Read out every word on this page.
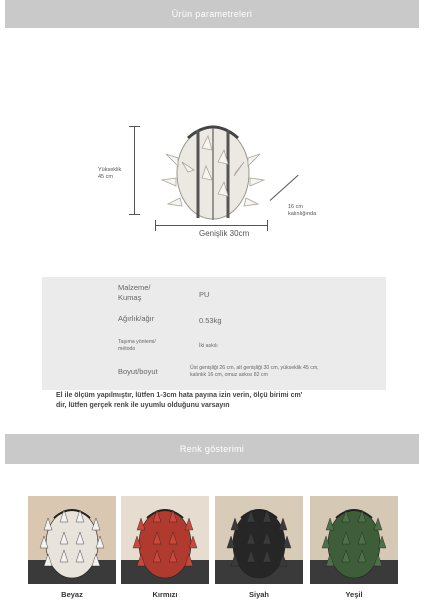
Ürün parametreleri
Yükseklik
45 cm
Genişlik 30cm
16 cm
kalınlığında
Malzeme/
Kumaş	PU
Ağırlık/ağır	0.53kg
Taşıma yöntemi/
método	İki askılı
Boyut/boyut	Üst genişliği 26 cm, alt genişliği 30 cm, yükseklik 45 cm,
kalınlık 16 cm, omuz askısı 82 cm
El ile ölçüm yapılmıştır, lütfen 1-3cm hata payına izin verin, ölçü birimi cm'
dir, lütfen gerçek renk ile uyumlu olduğunu varsayın
Renk gösterimi
Beyaz	Kırmızı	Siyah	Yeşil
